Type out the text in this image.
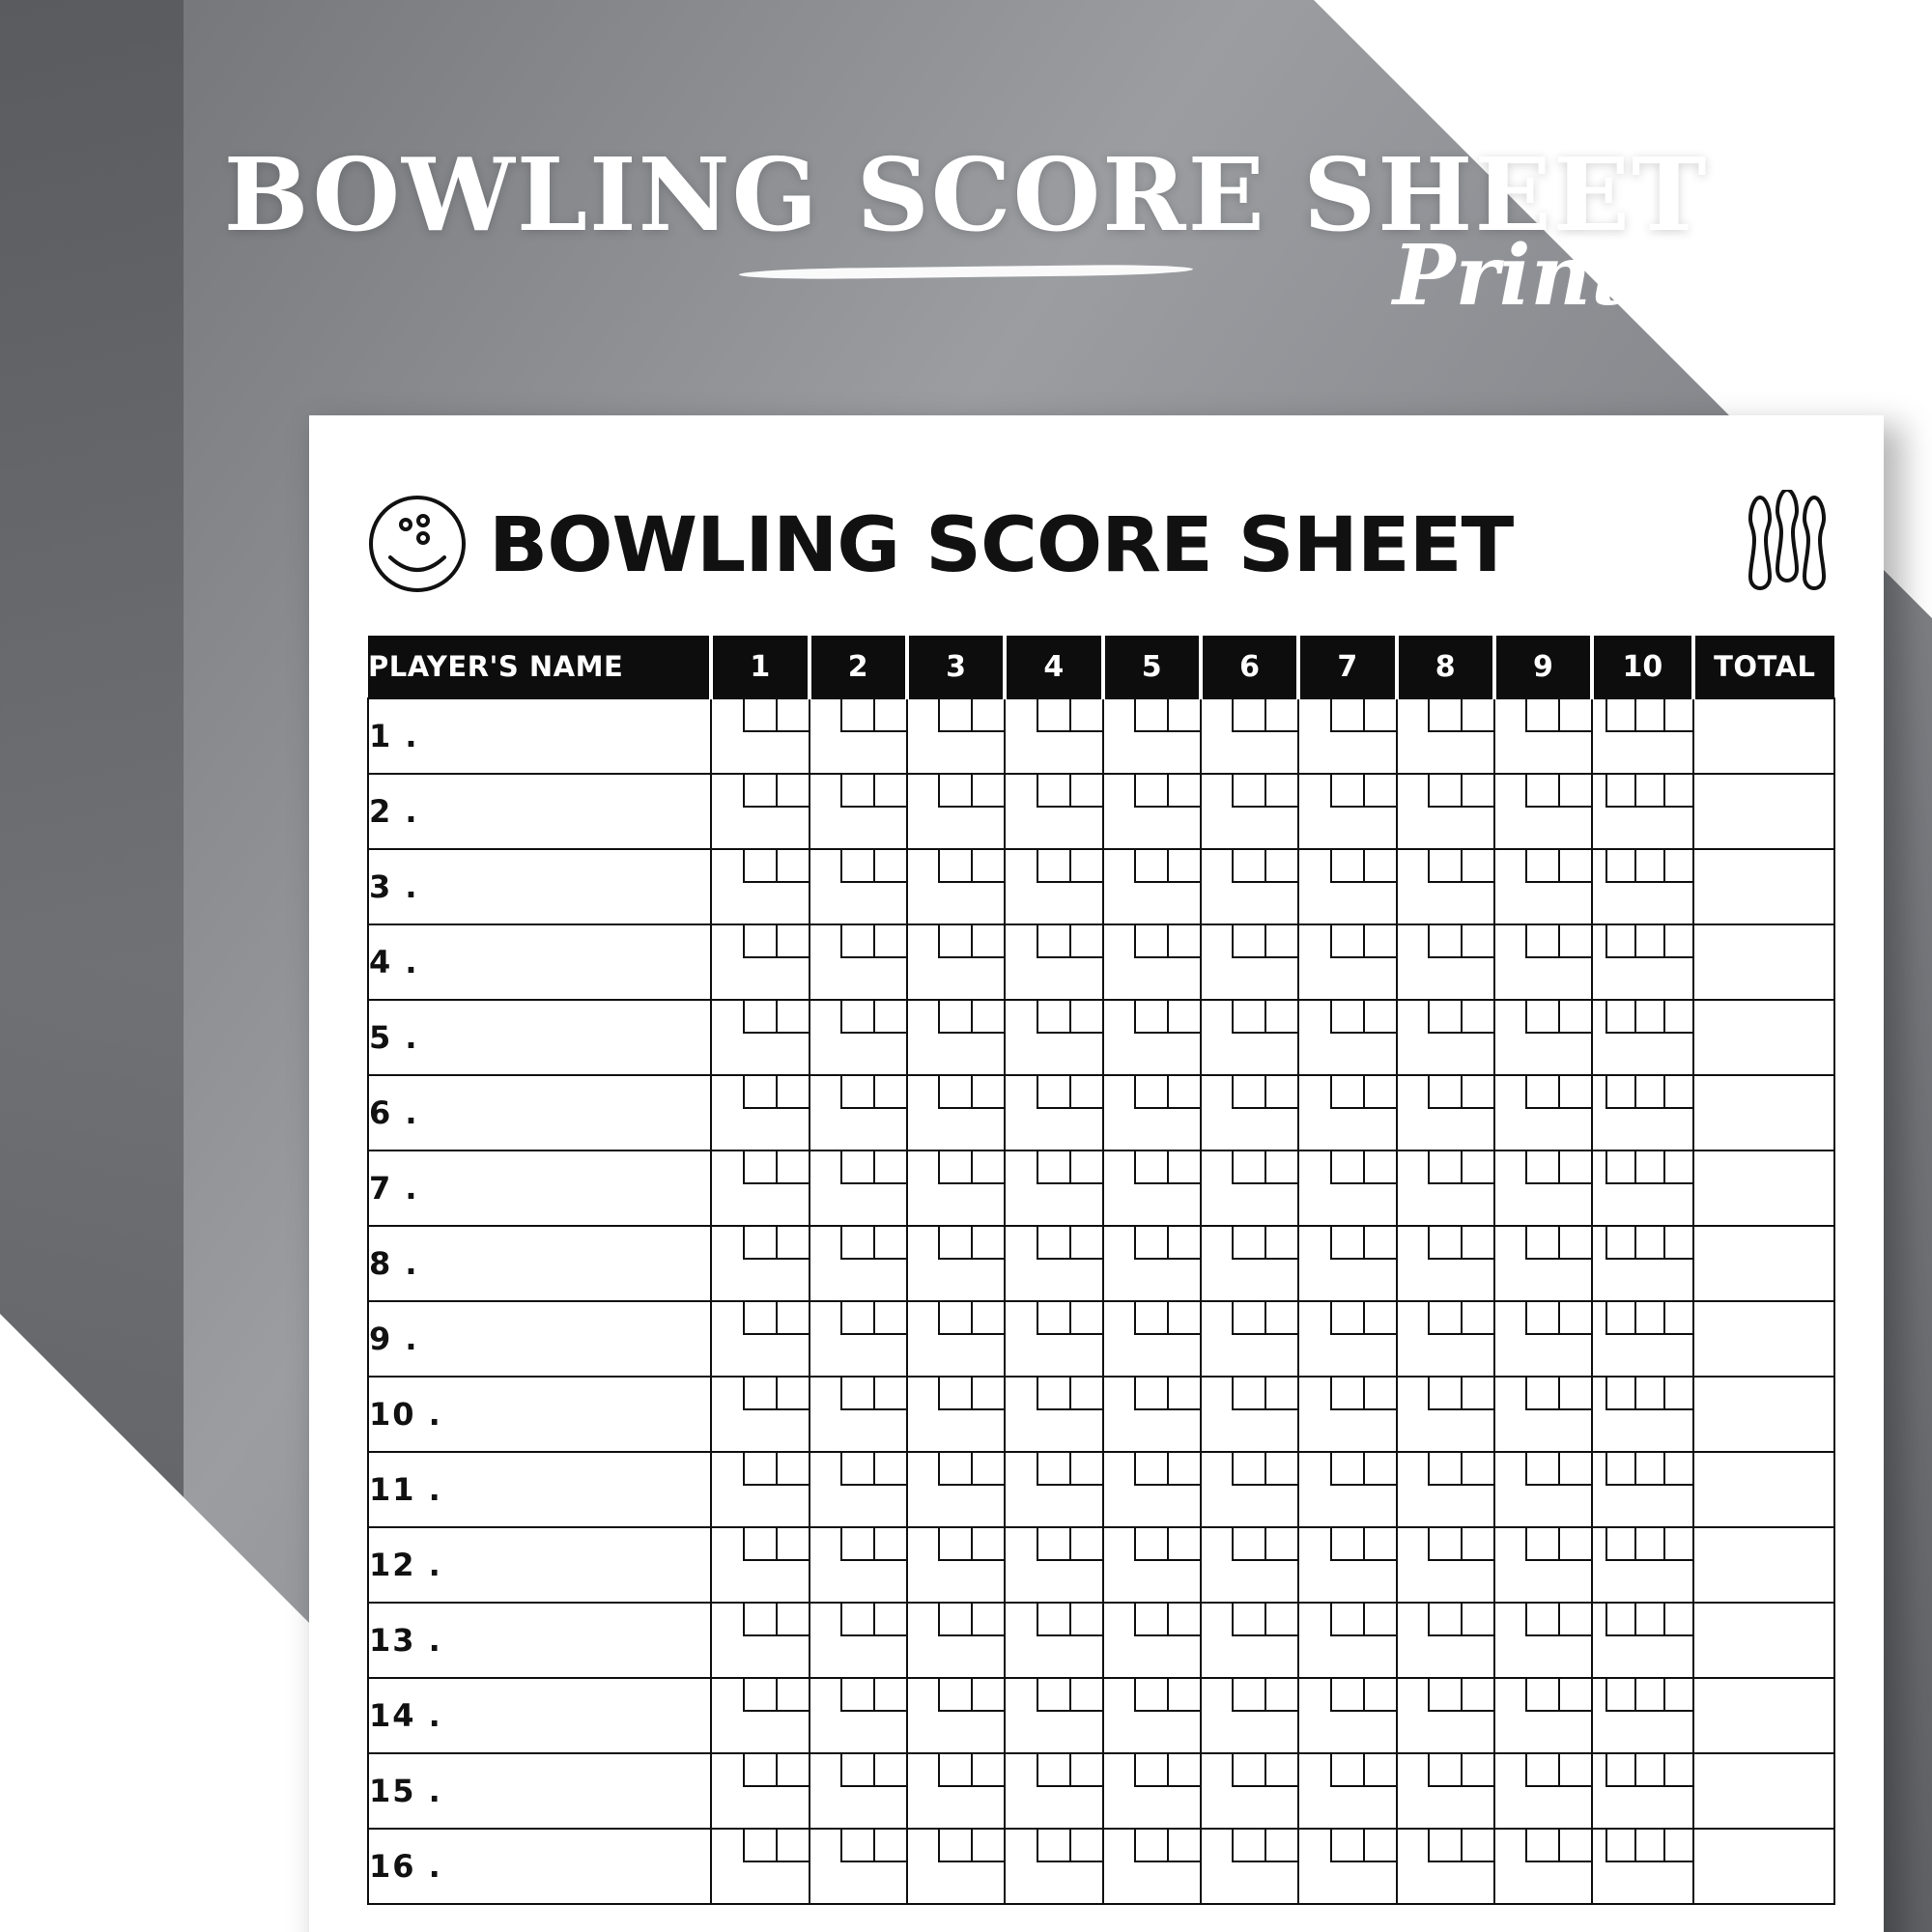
BOWLING SCORE SHEET
Printable
BOWLING SCORE SHEET
PLAYER'S NAME	1	2	3	4	5	6	7	8	9	10	TOTAL
1 .	

2 .	

3 .	

4 .	

5 .	

6 .	

7 .	

8 .	

9 .	

10 .	

11 .	

12 .	

13 .	

14 .	

15 .	

16 .	
